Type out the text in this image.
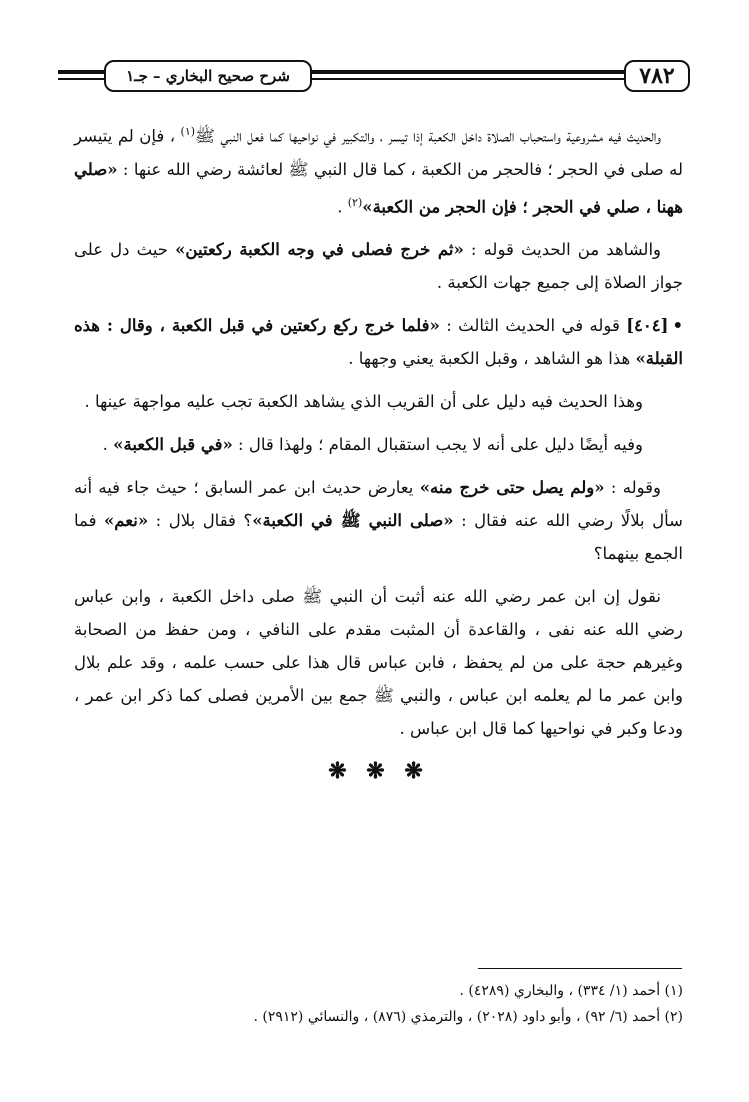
شرح صحيح البخاري – جـ١	٧٨٢

والحديث فيه مشروعية واستحباب الصلاة داخل الكعبة إذا تيسر ، والتكبير في نواحيها كما فعل النبي ﷺ$^{(١)}$ ، فإن لم يتيسر له صلى في الحجر ؛ فالحجر من الكعبة ، كما قال النبي ﷺ لعائشة رضي الله عنها : «صلي ههنا ، صلي في الحجر ؛ فإن الحجر من الكعبة»$^{(٢)}$ .

والشاهد من الحديث قوله : «ثم خرج فصلى في وجه الكعبة ركعتين» حيث دل على جواز الصلاة إلى جميع جهات الكعبة .

•[٤٠٤] قوله في الحديث الثالث : «فلما خرج ركع ركعتين في قبل الكعبة ، وقال : هذه القبلة» هذا هو الشاهد ، وقبل الكعبة يعني وجهها .

وهذا الحديث فيه دليل على أن القريب الذي يشاهد الكعبة تجب عليه مواجهة عينها .

وفيه أيضًا دليل على أنه لا يجب استقبال المقام ؛ ولهذا قال : «في قبل الكعبة» .

وقوله : «ولم يصل حتى خرج منه» يعارض حديث ابن عمر السابق ؛ حيث جاء فيه أنه سأل بلالًا رضي الله عنه فقال : «صلى النبي ﷺ في الكعبة»؟ فقال بلال : «نعم» فما الجمع بينهما؟

نقول إن ابن عمر رضي الله عنه أثبت أن النبي ﷺ صلى داخل الكعبة ، وابن عباس رضي الله عنه نفى ، والقاعدة أن المثبت مقدم على النافي ، ومن حفظ من الصحابة وغيرهم حجة على من لم يحفظ ، فابن عباس قال هذا على حسب علمه ، وقد علم بلال وابن عمر ما لم يعلمه ابن عباس ، والنبي ﷺ جمع بين الأمرين فصلى كما ذكر ابن عمر ، ودعا وكبر في نواحيها كما قال ابن عباس .

❋ ❋ ❋
(١) أحمد (١/ ٣٣٤) ، والبخاري (٤٢٨٩) .
(٢) أحمد (٦/ ٩٢) ، وأبو داود (٢٠٢٨) ، والترمذي (٨٧٦) ، والنسائي (٢٩١٢) .
